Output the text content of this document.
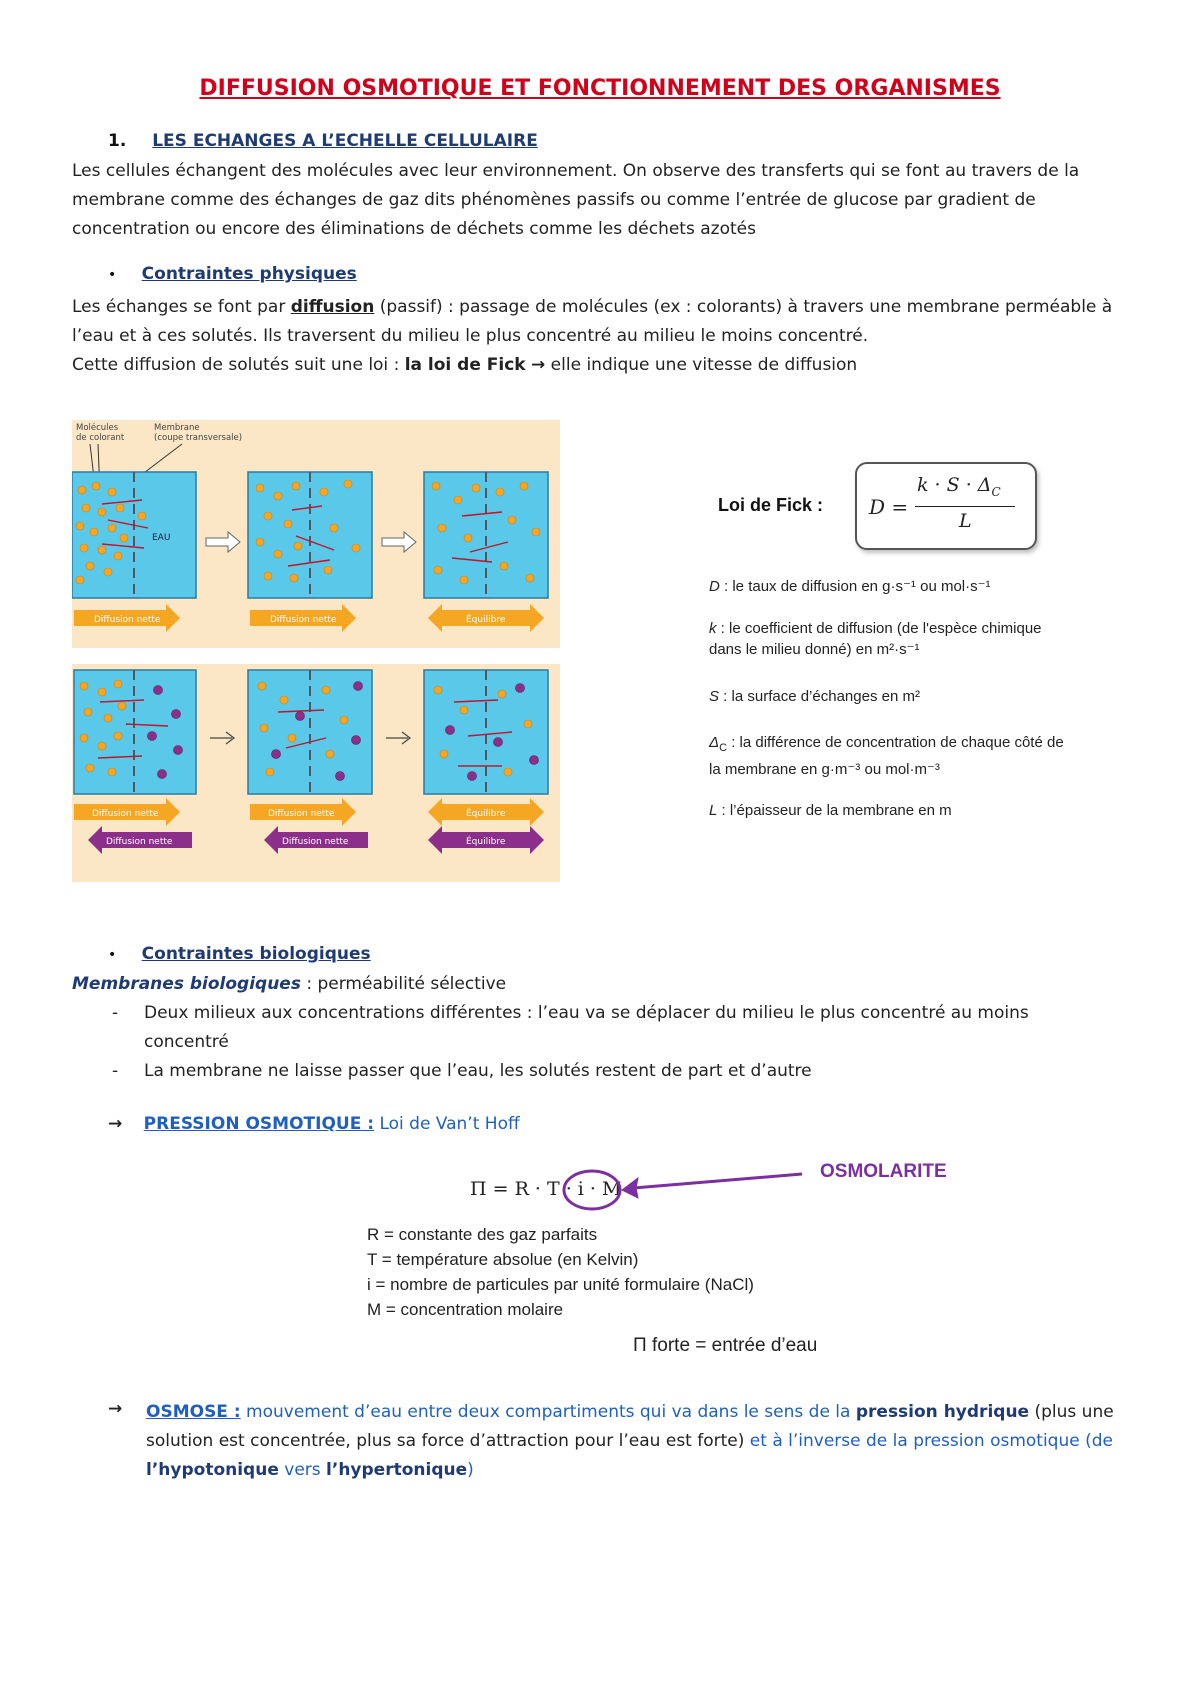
DIFFUSION OSMOTIQUE ET FONCTIONNEMENT DES ORGANISMES
1. LES ECHANGES A L’ECHELLE CELLULAIRE
Les cellules échangent des molécules avec leur environnement. On observe des transferts qui se font au travers de la membrane comme des échanges de gaz dits phénomènes passifs ou comme l’entrée de glucose par gradient de concentration ou encore des éliminations de déchets comme les déchets azotés
• Contraintes physiques
Les échanges se font par diffusion (passif) : passage de molécules (ex : colorants) à travers une membrane perméable à l’eau et à ces solutés. Ils traversent du milieu le plus concentré au milieu le moins concentré.
Cette diffusion de solutés suit une loi : la loi de Fick → elle indique une vitesse de diffusion
Molécules de colorant
Membrane (coupe transversale)
EAU
Diffusion nette	Diffusion nette	Équilibre
Diffusion nette	Diffusion nette	Équilibre
Diffusion nette	Diffusion nette	Équilibre
Loi de Fick : D =
$k \cdot S \cdot \Delta_C$
L
D : le taux de diffusion en g·s⁻¹ ou mol·s⁻¹
k : le coefficient de diffusion (de l'espèce chimique dans le milieu donné) en m²·s⁻¹
S : la surface d’échanges en m²
$\Delta_C$ : la différence de concentration de chaque côté de la membrane en g·m⁻³ ou mol·m⁻³
L : l’épaisseur de la membrane en m
• Contraintes biologiques
Membranes biologiques : perméabilité sélective
- Deux milieux aux concentrations différentes : l’eau va se déplacer du milieu le plus concentré au moins concentré
- La membrane ne laisse passer que l’eau, les solutés restent de part et d’autre
→ PRESSION OSMOTIQUE : Loi de Van’t Hoff
Π = R · T · i · M
OSMOLARITE
R = constante des gaz parfaits
T = température absolue (en Kelvin)
i = nombre de particules par unité formulaire (NaCl)
M = concentration molaire
Π forte = entrée d’eau
→ OSMOSE : mouvement d’eau entre deux compartiments qui va dans le sens de la pression hydrique (plus une solution est concentrée, plus sa force d’attraction pour l’eau est forte) et à l’inverse de la pression osmotique (de l’hypotonique vers l’hypertonique)
